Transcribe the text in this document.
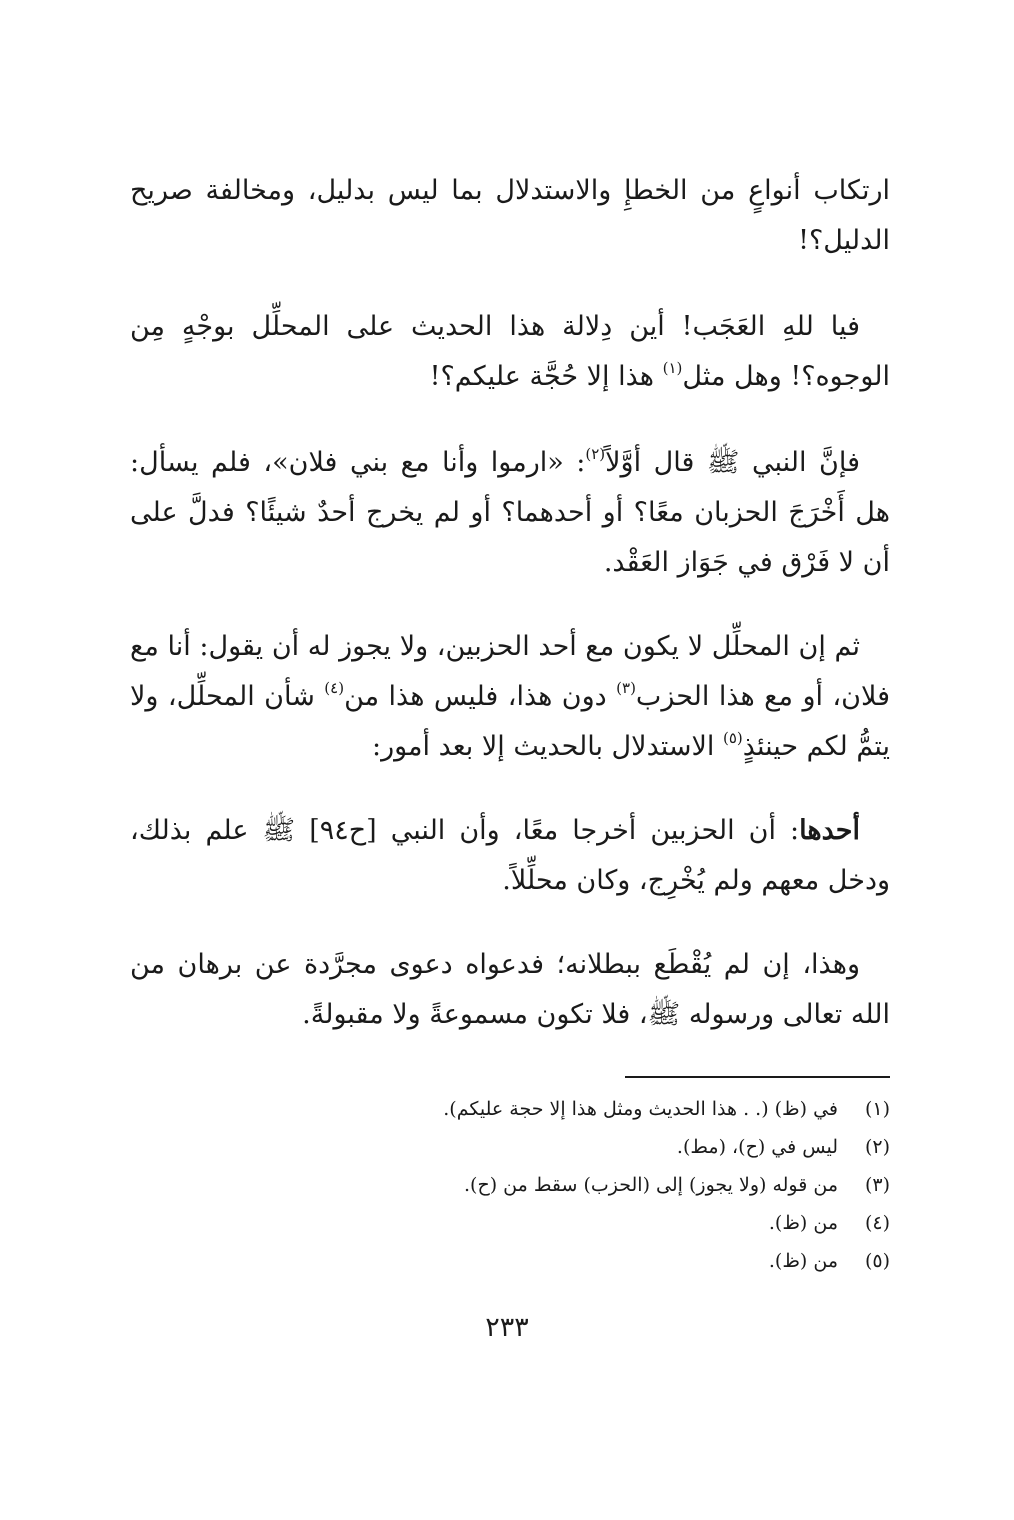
ارتكاب أنواعٍ من الخطإِ والاستدلال بما ليس بدليل، ومخالفة صريح الدليل؟!

فيا للهِ العَجَب! أين دِلالة هذا الحديث على المحلِّل بوجْهٍ مِن الوجوه؟! وهل مثل$^{(١)}$ هذا إلا حُجَّة عليكم؟!

فإنَّ النبي ﷺ قال أوَّلاً$^{(٢)}$: «ارموا وأنا مع بني فلان»، فلم يسأل: هل أَخْرَجَ الحزبان معًا؟ أو أحدهما؟ أو لم يخرج أحدٌ شيئًا؟ فدلَّ على أن لا فَرْق في جَوَاز العَقْد.

ثم إن المحلِّل لا يكون مع أحد الحزبين، ولا يجوز له أن يقول: أنا مع فلان، أو مع هذا الحزب$^{(٣)}$ دون هذا، فليس هذا من$^{(٤)}$ شأن المحلِّل، ولا يتمُّ لكم حينئذٍ$^{(٥)}$ الاستدلال بالحديث إلا بعد أمور:

أحدها: أن الحزبين أخرجا معًا، وأن النبي [ح٩٤] ﷺ علم بذلك، ودخل معهم ولم يُخْرِج، وكان محلِّلاً.

وهذا، إن لم يُقْطَع ببطلانه؛ فدعواه دعوى مجرَّدة عن برهان من الله تعالى ورسوله ﷺ، فلا تكون مسموعةً ولا مقبولةً.

(١)
في (ظ) (. . هذا الحديث ومثل هذا إلا حجة عليكم).
(٢)
ليس في (ح)، (مط).
(٣)
من قوله (ولا يجوز) إلى (الحزب) سقط من (ح).
(٤)
من (ظ).
(٥)
من (ظ).
٢٣٣
